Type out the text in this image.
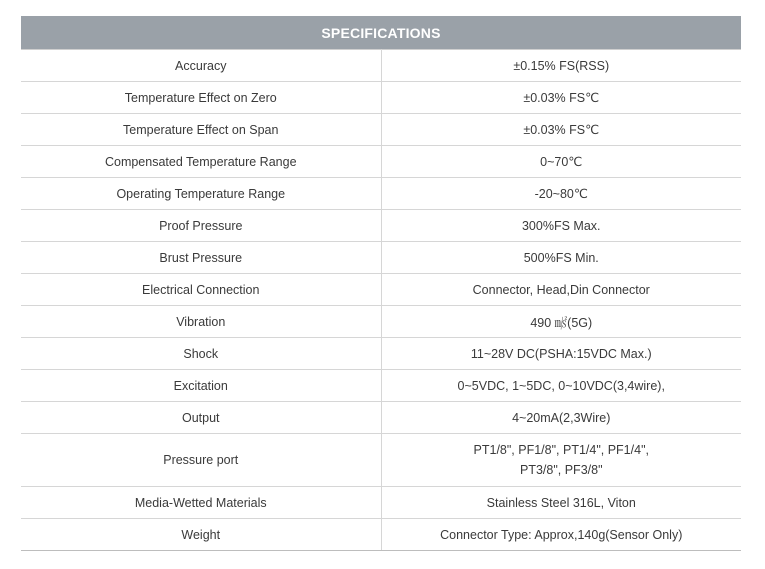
SPECIFICATIONS	
Accuracy	±0.15% FS(RSS)
Temperature Effect on Zero	±0.03% FS℃
Temperature Effect on Span	±0.03% FS℃
Compensated Temperature Range	0~70℃
Operating Temperature Range	-20~80℃
Proof Pressure	300%FS Max.
Brust Pressure	500%FS Min.
Electrical Connection	Connector, Head,Din Connector
Vibration	490 ㎨(5G)
Shock	11~28V DC(PSHA:15VDC Max.)
Excitation	0~5VDC, 1~5DC, 0~10VDC(3,4wire),
Output	4~20mA(2,3Wire)
Pressure port	PT1/8", PF1/8", PT1/4", PF1/4",
PT3/8", PF3/8"

Media-Wetted Materials	Stainless Steel 316L, Viton
Weight	Connector Type: Approx,140g(Sensor Only)
